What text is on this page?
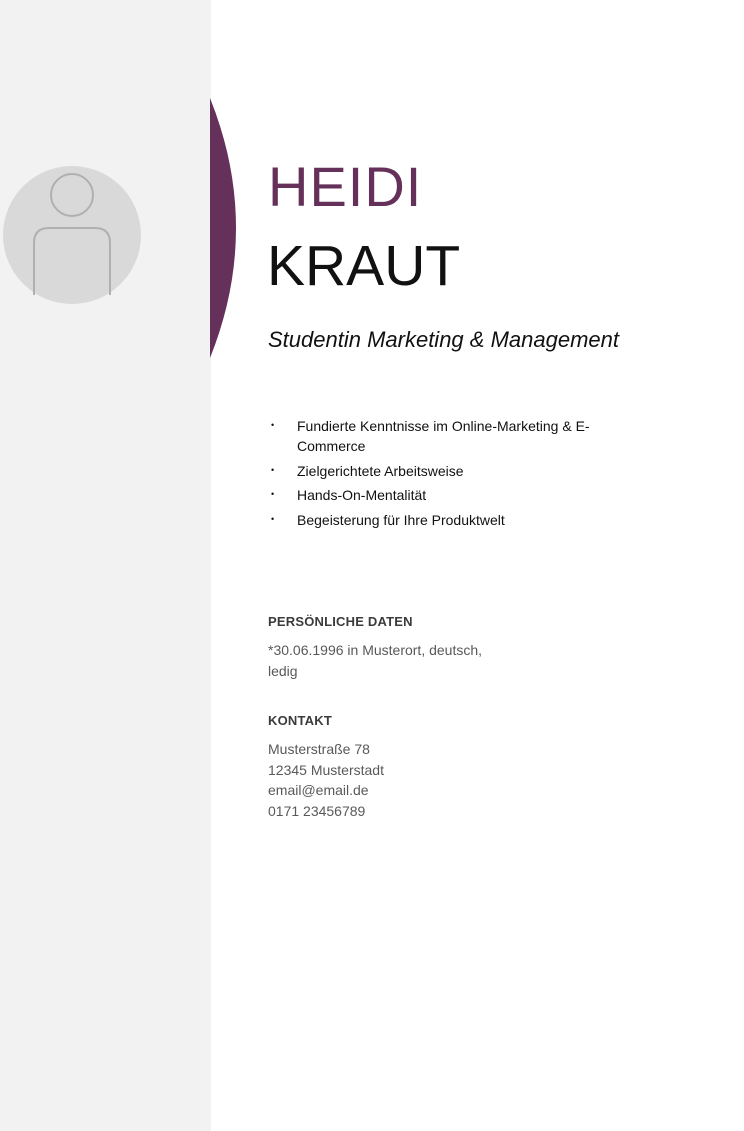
HEIDI
KRAUT
Studentin Marketing & Management
• Fundierte Kenntnisse im Online-Marketing & E-Commerce
• Zielgerichtete Arbeitsweise
• Hands-On-Mentalität
• Begeisterung für Ihre Produktwelt
PERSÖNLICHE DATEN
*30.06.1996 in Musterort, deutsch, ledig
KONTAKT
Musterstraße 78
12345 Musterstadt
email@email.de
0171 23456789
